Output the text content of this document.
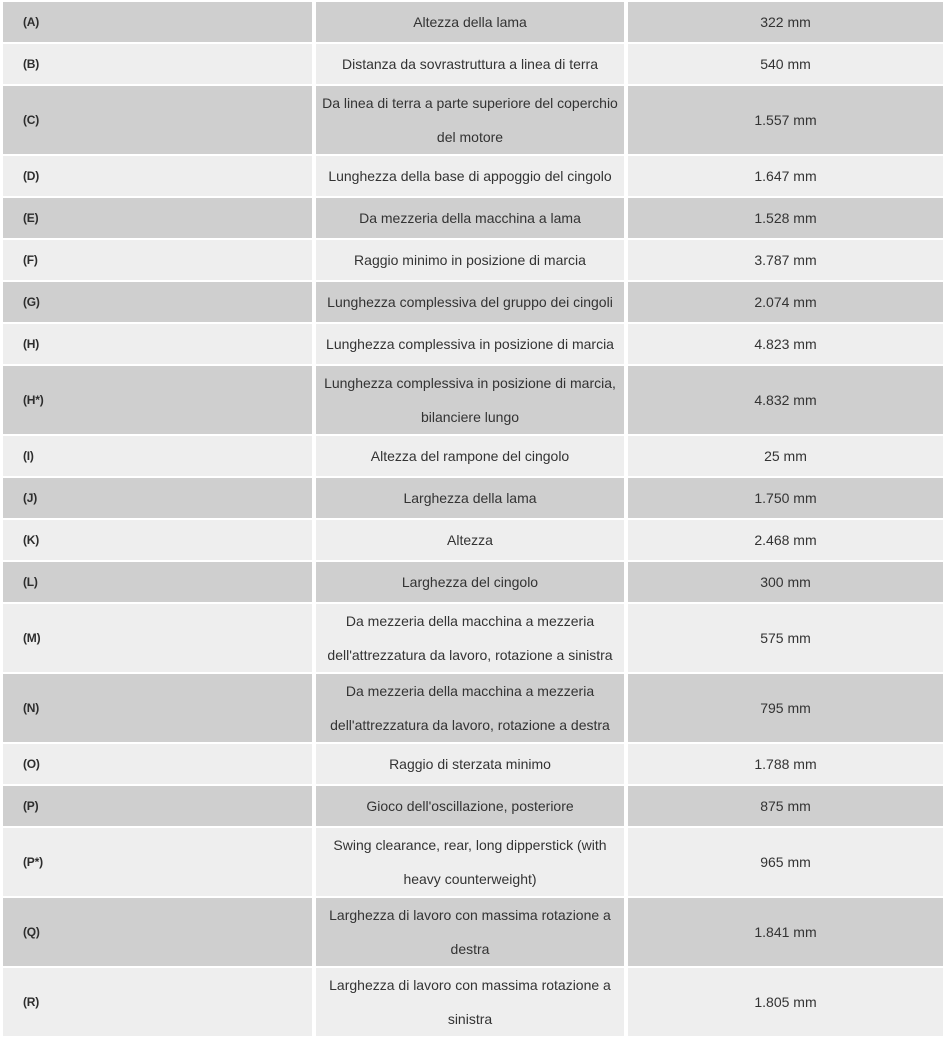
(A)	Altezza della lama	322 mm
(B)	Distanza da sovrastruttura a linea di terra	540 mm
(C)	Da linea di terra a parte superiore del coperchio del motore	1.557 mm
(D)	Lunghezza della base di appoggio del cingolo	1.647 mm
(E)	Da mezzeria della macchina a lama	1.528 mm
(F)	Raggio minimo in posizione di marcia	3.787 mm
(G)	Lunghezza complessiva del gruppo dei cingoli	2.074 mm
(H)	Lunghezza complessiva in posizione di marcia	4.823 mm
(H*)	Lunghezza complessiva in posizione di marcia, bilanciere lungo	4.832 mm
(I)	Altezza del rampone del cingolo	25 mm
(J)	Larghezza della lama	1.750 mm
(K)	Altezza	2.468 mm
(L)	Larghezza del cingolo	300 mm
(M)	Da mezzeria della macchina a mezzeria dell'attrezzatura da lavoro, rotazione a sinistra	575 mm
(N)	Da mezzeria della macchina a mezzeria dell'attrezzatura da lavoro, rotazione a destra	795 mm
(O)	Raggio di sterzata minimo	1.788 mm
(P)	Gioco dell'oscillazione, posteriore	875 mm
(P*)	Swing clearance, rear, long dipperstick (with heavy counterweight)	965 mm
(Q)	Larghezza di lavoro con massima rotazione a destra	1.841 mm
(R)	Larghezza di lavoro con massima rotazione a sinistra	1.805 mm
